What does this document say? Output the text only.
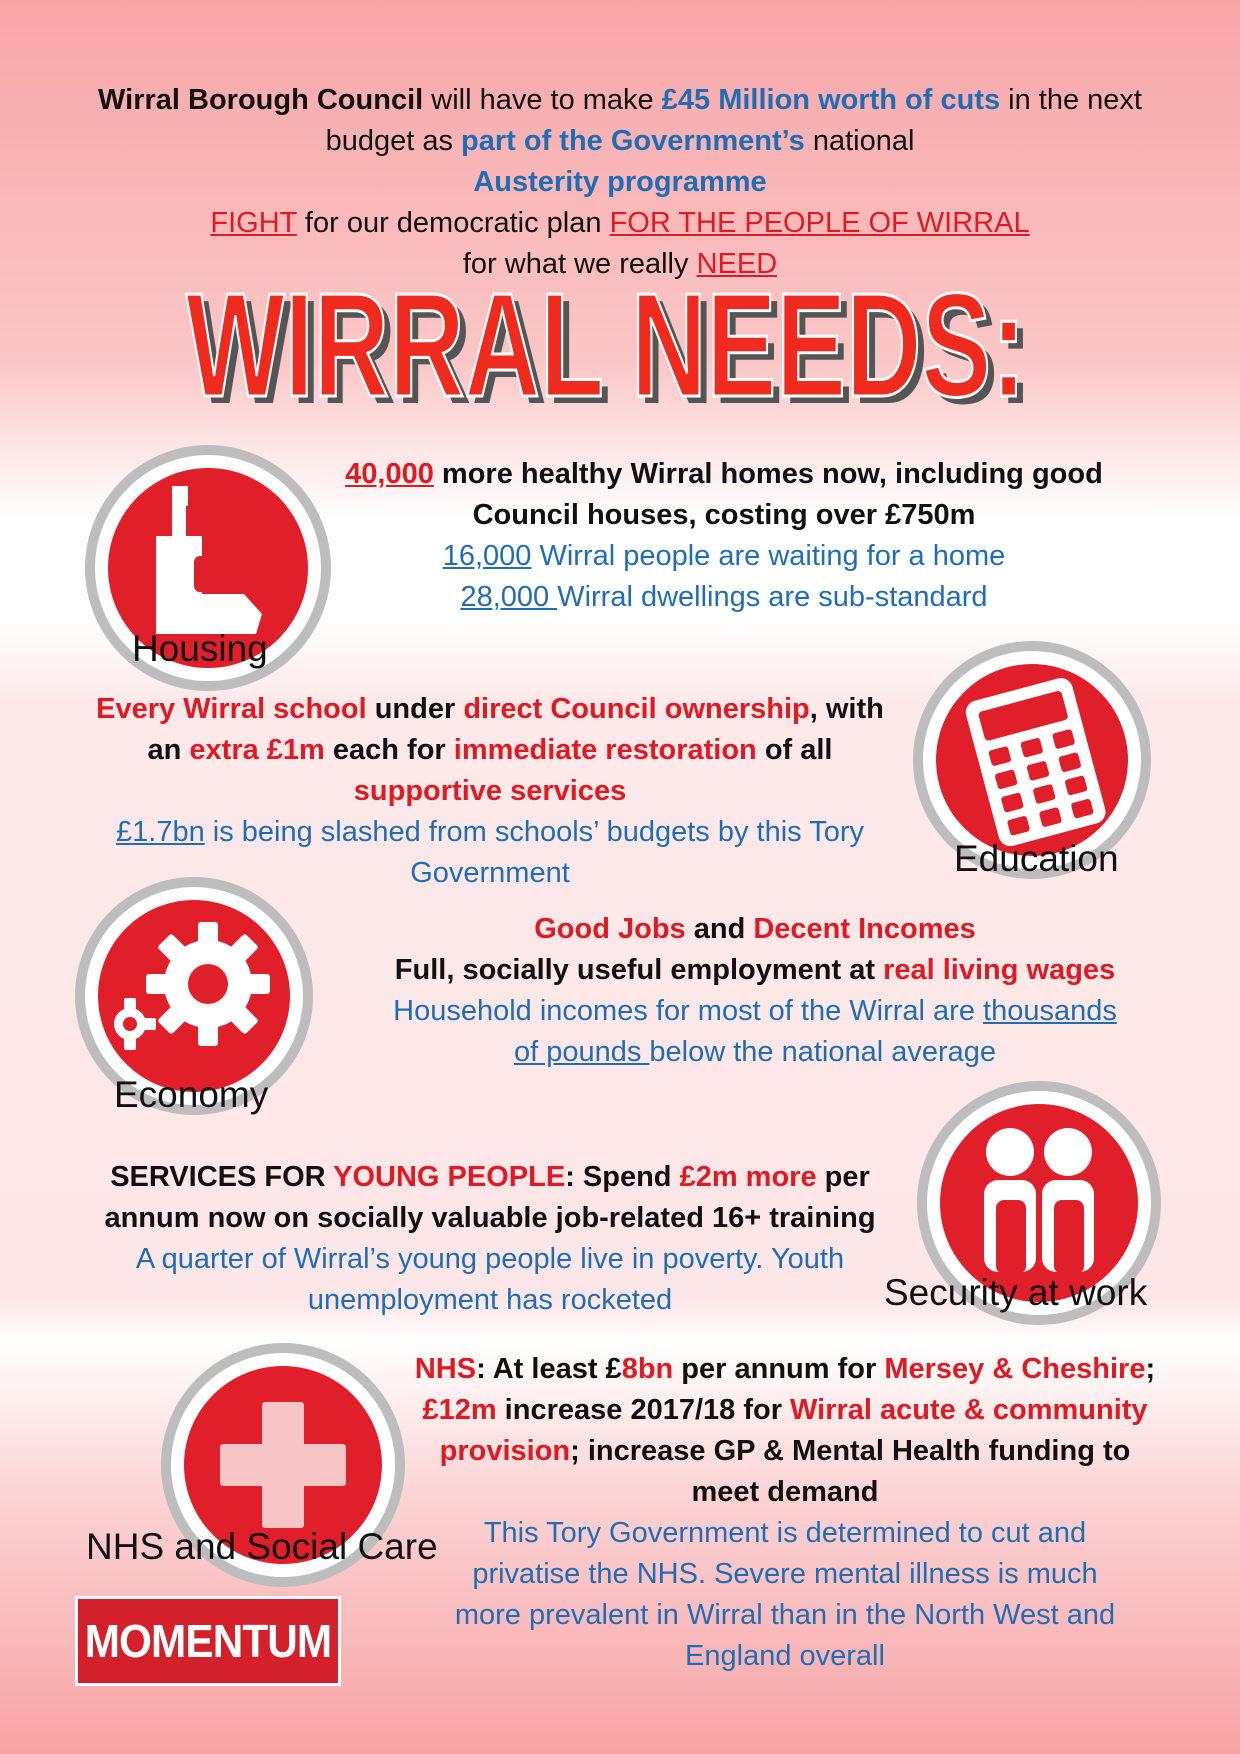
Wirral Borough Council will have to make £45 Million worth of cuts in the next

budget as part of the Government’s national

Austerity programme

FIGHT for our democratic plan FOR THE PEOPLE OF WIRRAL

for what we really NEED

WIRRAL NEEDS:
WIRRAL NEEDS:
Housing

40,000 more healthy Wirral homes now, including good

Council houses, costing over £750m

16,000 Wirral people are waiting for a home

28,000 Wirral dwellings are sub-standard

Every Wirral school under direct Council ownership, with

an extra £1m each for immediate restoration of all

supportive services

£1.7bn is being slashed from schools’ budgets by this Tory

Government	Education
Economy

Good Jobs and Decent Incomes

Full, socially useful employment at real living wages

Household incomes for most of the Wirral are thousands

of pounds below the national average

SERVICES FOR YOUNG PEOPLE: Spend £2m more per

annum now on socially valuable job-related 16+ training

A quarter of Wirral’s young people live in poverty. Youth

unemployment has rocketed	Security at work
NHS and Social Care

NHS: At least £8bn per annum for Mersey & Cheshire;

£12m increase 2017/18 for Wirral acute & community

provision; increase GP & Mental Health funding to

meet demand

This Tory Government is determined to cut and

privatise the NHS. Severe mental illness is much

more prevalent in Wirral than in the North West and

England overall

MOMENTUM
